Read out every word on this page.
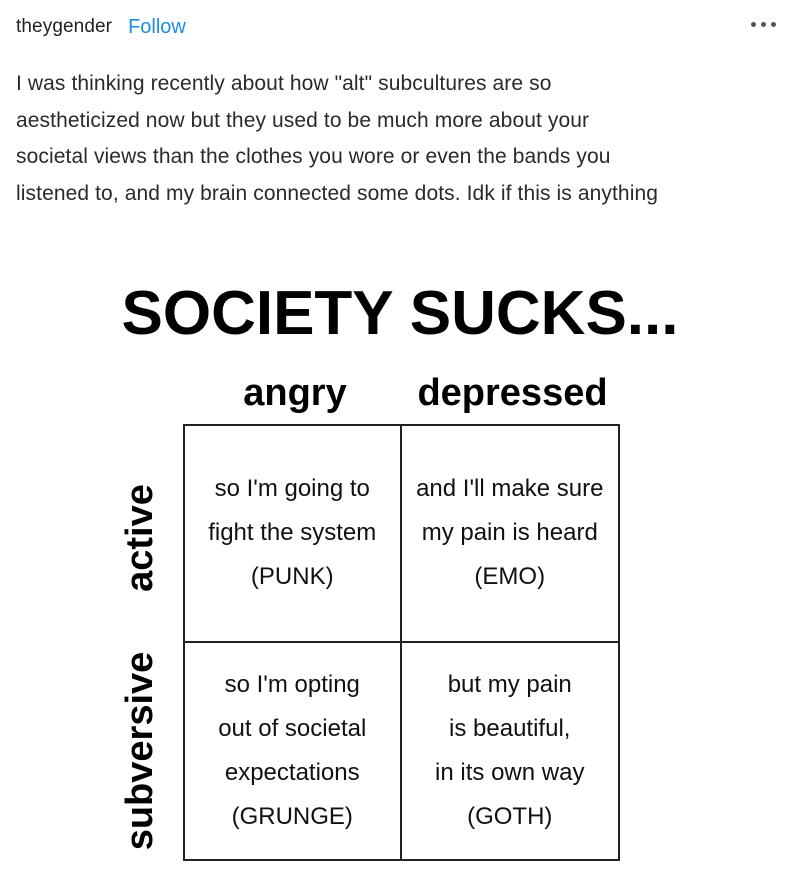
theygender Follow

I was thinking recently about how "alt" subcultures are so

aestheticized now but they used to be much more about your

societal views than the clothes you wore or even the bands you

listened to, and my brain connected some dots. Idk if this is anything

SOCIETY SUCKS...
angry	depressed
active
subversive
so I'm going to
fight the system
(PUNK)
and I'll make sure
my pain is heard
(EMO)
so I'm opting
out of societal
expectations
(GRUNGE)
but my pain
is beautiful,
in its own way
(GOTH)
